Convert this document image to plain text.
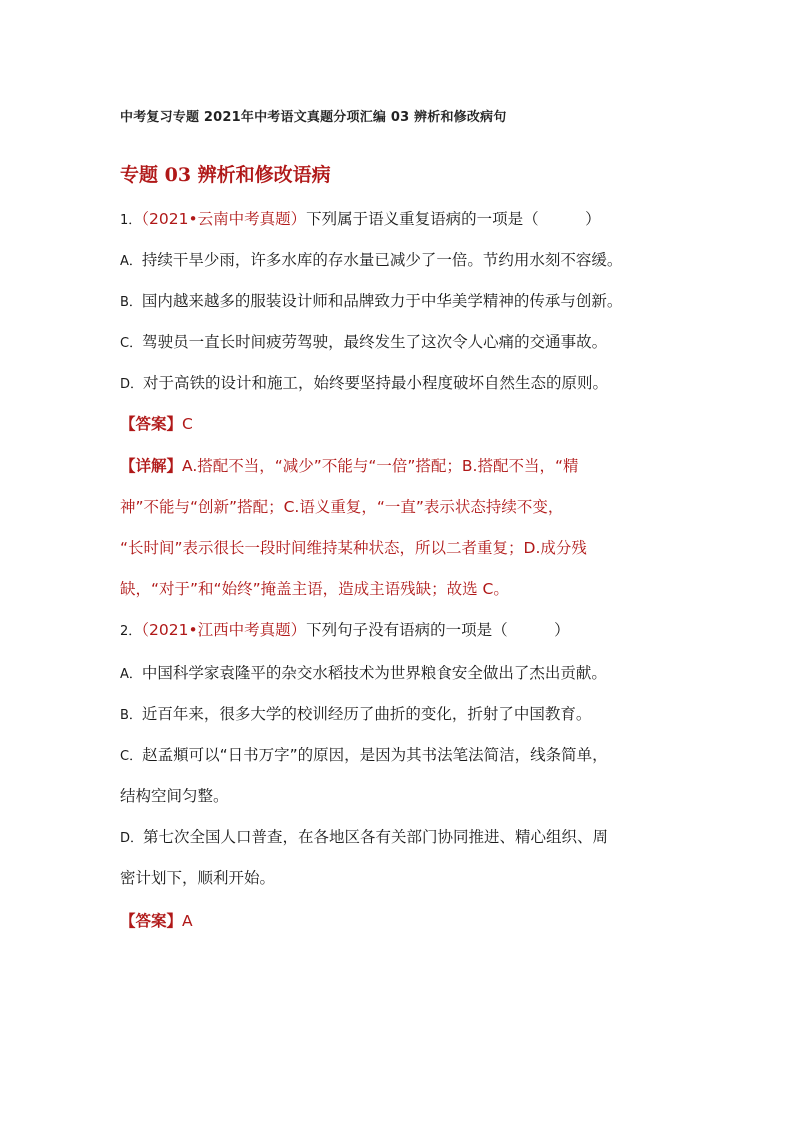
中考复习专题 2021年中考语文真题分项汇编 03 辨析和修改病句
专题 03 辨析和修改语病
1．（2021•云南中考真题）下列属于语义重复语病的一项是（　　　）
A．持续干旱少雨，许多水库的存水量已减少了一倍。节约用水刻不容缓。
B．国内越来越多的服装设计师和品牌致力于中华美学精神的传承与创新。
C．驾驶员一直长时间疲劳驾驶，最终发生了这次令人心痛的交通事故。
D．对于高铁的设计和施工，始终要坚持最小程度破坏自然生态的原则。
【答案】C
【详解】A.搭配不当，“减少”不能与“一倍”搭配；B.搭配不当，“精
神”不能与“创新”搭配；C.语义重复，“一直”表示状态持续不变，
“长时间”表示很长一段时间维持某种状态，所以二者重复；D.成分残
缺，“对于”和“始终”掩盖主语，造成主语残缺；故选 C。
2．（2021•江西中考真题）下列句子没有语病的一项是（　　　）
A．中国科学家袁隆平的杂交水稻技术为世界粮食安全做出了杰出贡献。
B．近百年来，很多大学的校训经历了曲折的变化，折射了中国教育。
C．赵孟頫可以“日书万字”的原因，是因为其书法笔法简洁，线条简单，
结构空间匀整。
D．第七次全国人口普查，在各地区各有关部门协同推进、精心组织、周
密计划下，顺利开始。
【答案】A
